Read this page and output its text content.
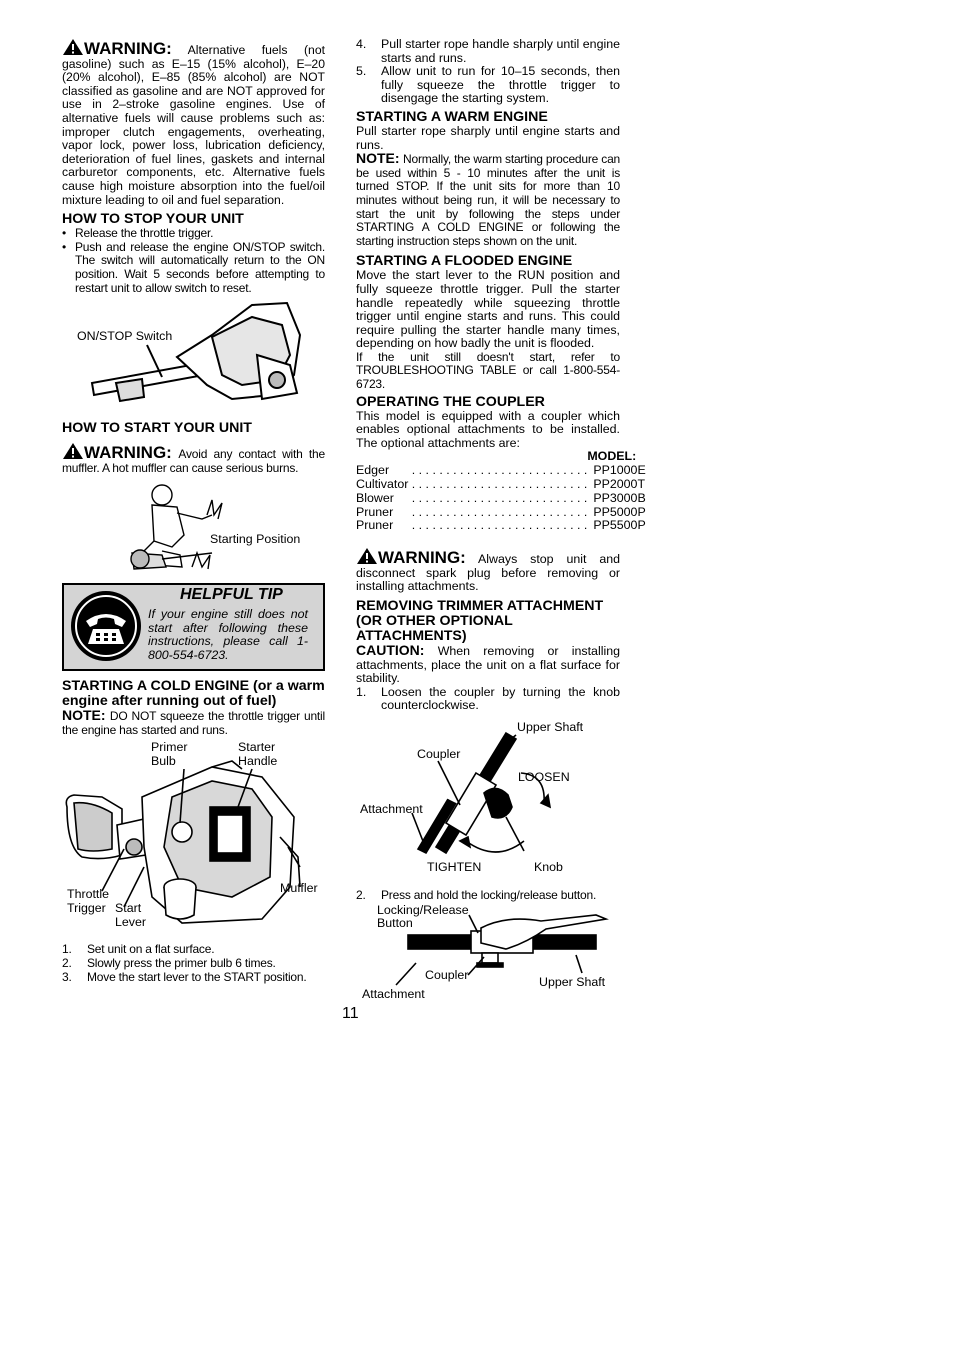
WARNING: Alternative fuels (not gasoline) such as E–15 (15% alcohol), E–20 (20% alcohol), E–85 (85% alcohol) are NOT classified as gasoline and are NOT approved for use in 2–stroke gasoline engines. Use of alternative fuels will cause problems such as: improper clutch engagements, overheating, vapor lock, power loss, lubrication deficiency, deterioration of fuel lines, gaskets and internal carburetor components, etc. Alternative fuels cause high moisture absorption into the fuel/oil mixture leading to oil and fuel separation.

HOW TO STOP YOUR UNIT
• Release the throttle trigger.
• Push and release the engine ON/STOP switch. The switch will automatically return to the ON position. Wait 5 seconds before attempting to restart unit to allow switch to reset.
ON/STOP Switch
HOW TO START YOUR UNIT

WARNING: Avoid any contact with the muffler. A hot muffler can cause serious burns.

Starting Position
HELPFUL TIP

If your engine still does not start after following these instructions, please call 1-800-554-6723.

STARTING A COLD ENGINE (or a warm engine after running out of fuel)

NOTE: DO NOT squeeze the throttle trigger until the engine has started and runs.

Primer
Bulb
Starter
Handle
Muffler
Throttle
Trigger Start
Lever
1. Set unit on a flat surface.
2. Slowly press the primer bulb 6 times.
3. Move the start lever to the START position.
4. Pull starter rope handle sharply until engine starts and runs.
5. Allow unit to run for 10–15 seconds, then fully squeeze the throttle trigger to disengage the starting system.
STARTING A WARM ENGINE

Pull starter rope sharply until engine starts and runs.

NOTE: Normally, the warm starting procedure can be used within 5 - 10 minutes after the unit is turned STOP. If the unit sits for more than 10 minutes without being run, it will be necessary to start the unit by following the steps under STARTING A COLD ENGINE or following the starting instruction steps shown on the unit.

STARTING A FLOODED ENGINE

Move the start lever to the RUN position and fully squeeze throttle trigger. Pull the starter handle repeatedly while squeezing throttle trigger until engine starts and runs. This could require pulling the starter handle many times, depending on how badly the unit is flooded.

If the unit still doesn't start, refer to TROUBLESHOOTING TABLE or call 1-800-554-6723.

OPERATING THE COUPLER

This model is equipped with a coupler which enables optional attachments to be installed. The optional attachments are:

		MODEL:
Edger	. . . . . . . . . . . . . . . . . . . . . . . . . .	PP1000E
Cultivator	. . . . . . . . . . . . . . . . . . . . . . . . . .	PP2000T
Blower	. . . . . . . . . . . . . . . . . . . . . . . . . .	PP3000B
Pruner	. . . . . . . . . . . . . . . . . . . . . . . . . .	PP5000P
Pruner	. . . . . . . . . . . . . . . . . . . . . . . . . .	PP5500P

WARNING: Always stop unit and disconnect spark plug before removing or installing attachments.

REMOVING TRIMMER ATTACHMENT (OR OTHER OPTIONAL ATTACHMENTS)

CAUTION: When removing or installing attachments, place the unit on a flat surface for stability.

1. Loosen the coupler by turning the knob counterclockwise.
Upper Shaft
Coupler
LOOSEN
Attachment
TIGHTEN	Knob
2. Press and hold the locking/release button.
Locking/Release
Button
Coupler	Upper Shaft
Attachment
11
